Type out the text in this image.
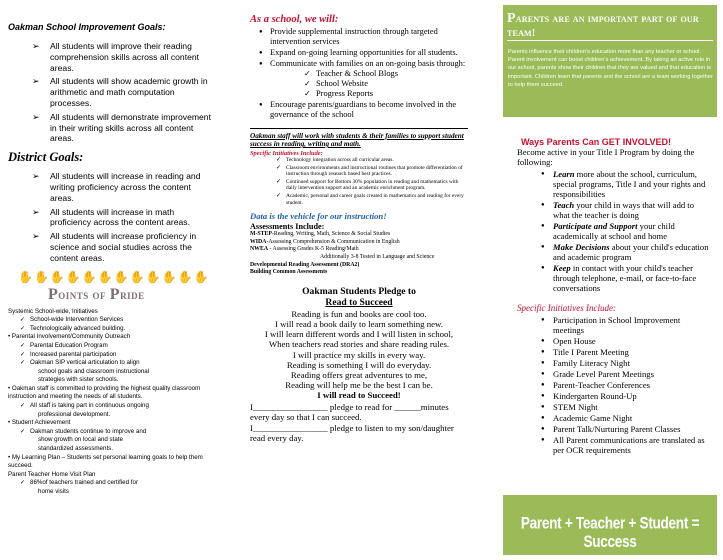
Oakman School Improvement Goals:
➢ All students will improve their reading comprehension skills across all content areas.
➢ All students will show academic growth in arithmetic and math computation processes.
➢ All students will demonstrate improvement in their writing skills across all content areas.
District Goals:
➢ All students will increase in reading and writing proficiency across the content areas.
➢ All students will increase in math proficiency across the content areas.
➢ All students will increase proficiency in science and social studies across the content areas.
✋ ✋ ✋ ✋ ✋ ✋ ✋ ✋ ✋ ✋ ✋ ✋
Points of Pride
Systemic School-wide, Initiatives
✓ School-wide Intervention Services
✓ Technologically advanced building.
• Parental Involvement/Community Outreach
✓ Parental Education Program
✓ Increased parental participation
✓ Oakman SIP vertical articulation to align
school goals and classroom instructional
strategies with sister schools.
• Oakman staff is committed to providing the highest quality classroom instruction and meeting the needs of all students.
✓ All staff is taking part in continuous ongoing
professional development.
• Student Achievement
✓ Oakman students continue to improve and
show growth on local and state
standardized assessments.
• My Learning Plan – Students set personal learning goals to help them succeed.
Parent Teacher Home Visit Plan
✓ 86%of teachers trained and certified for
home visits
As a school, we will:
● Provide supplemental instruction through targeted intervention services
● Expand on-going learning opportunities for all students.
● Communicate with families on an on-going basis through:
✓ Teacher & School Blogs
✓ School Website
✓ Progress Reports
● Encourage parents/guardians to become involved in the governance of the school
Oakman staff will work with students & their families to support student success in reading, writing and math.
Specific Initiatives Include:
✓ Technology integration across all curricular areas.
✓ Classroom environments and instructional routines that promote differentiation of instruction through research based best practices.
✓ Continued support for Bottom 30% population in reading and mathematics with daily intervention support and an academic enrichment program.
✓ Academic, personal and career goals created in mathematics and reading for every student.
Data is the vehicle for our instruction!
Assessments Include:
M-STEP-Reading, Writing, Math, Science & Social Studies
WIDA-Assessing Comprehension & Communication in English
NWEA - Assessing Grades K-5 Reading/Math
Additionally 3-8 Tested in Language and Science
Developmental Reading Assessment (DRA2)
Building Common Assessments
Oakman Students Pledge to
Read to Succeed
Reading is fun and books are cool too.
I will read a book daily to learn something new.
I will learn different words and I will listen in school,
When teachers read stories and share reading rules.
I will practice my skills in every way.
Reading is something I will do everyday.
Reading offers great adventures to me,
Reading will help me be the best I can be.
I will read to Succeed!
I_________________ pledge to read for ______minutes every day so that I can succeed.
I_________________ pledge to listen to my son/daughter read every day.
Parents are an important part of our team!
Parents influence their children's education more than any teacher or school. Parent involvement can boost children's achievement. By taking an active role in our school, parents show their children that they are valued and that education is important. Children learn that parents and the school are a team working together to help them succeed.
Ways Parents Can GET INVOLVED!
Become active in your Title I Program by doing the following:
● Learn more about the school, curriculum, special programs, Title I and your rights and responsibilities
● Teach your child in ways that will add to what the teacher is doing
● Participate and Support your child academically at school and home
● Make Decisions about your child's education and academic program
● Keep in contact with your child's teacher through telephone, e-mail, or face-to-face conversations
Specific Initiatives Include:
● Participation in School Improvement meetings
● Open House
● Title I Parent Meeting
● Family Literacy Night
● Grade Level Parent Meetings
● Parent-Teacher Conferences
● Kindergarten Round-Up
● STEM Night
● Academic Game Night
● Parent Talk/Nurturing Parent Classes
● All Parent communications are translated as per OCR requirements
Parent + Teacher + Student = Success
